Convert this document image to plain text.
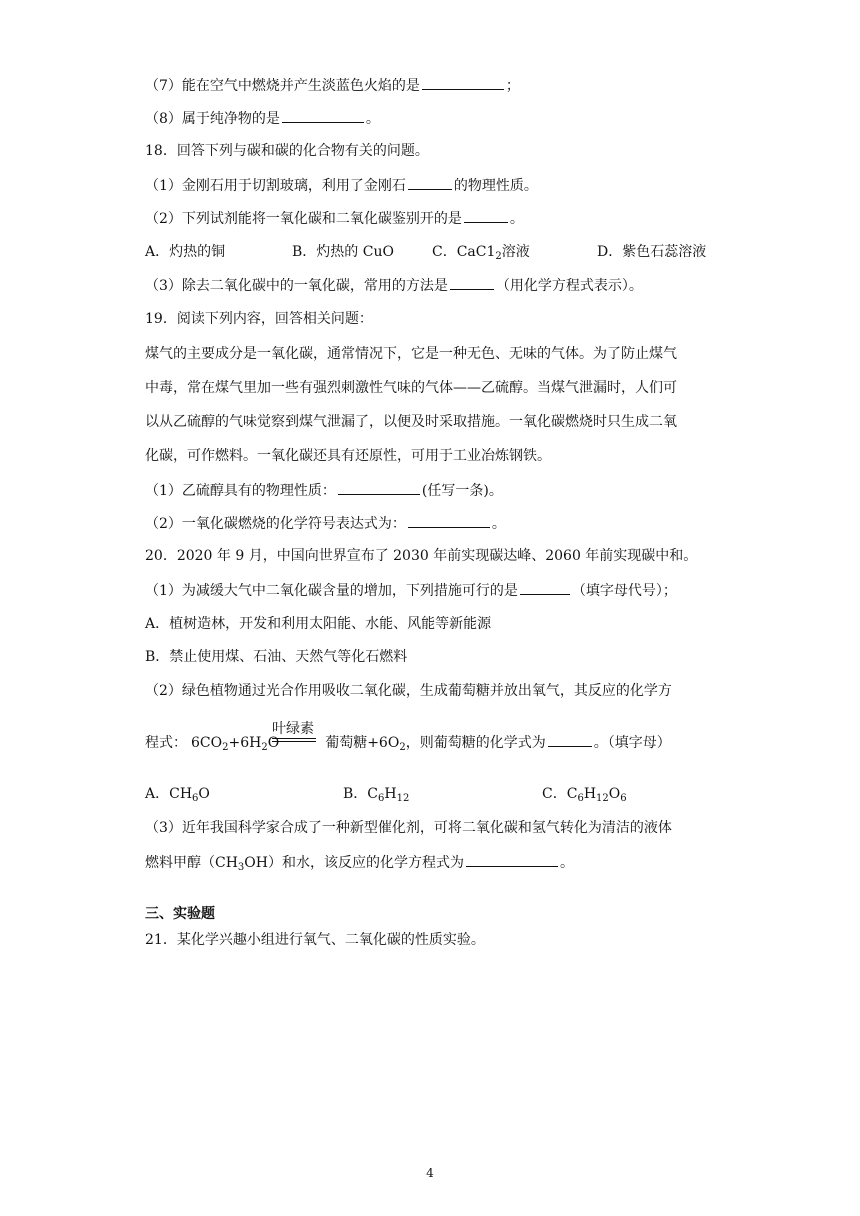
（7）能在空气中燃烧并产生淡蓝色火焰的是	；
（8）属于纯净物的是	。
18．回答下列与碳和碳的化合物有关的问题。
（1）金刚石用于切割玻璃，利用了金刚石	的物理性质。
（2）下列试剂能将一氧化碳和二氧化碳鉴别开的是	。
A．灼热的铜	B．灼热的 CuO	C．$CaC1_2$溶液	D．紫色石蕊溶液
（3）除去二氧化碳中的一氧化碳，常用的方法是	（用化学方程式表示）。
19．阅读下列内容，回答相关问题：
煤气的主要成分是一氧化碳，通常情况下，它是一种无色、无味的气体。为了防止煤气
中毒，常在煤气里加一些有强烈刺激性气味的气体——乙硫醇。当煤气泄漏时，人们可
以从乙硫醇的气味觉察到煤气泄漏了，以便及时采取措施。一氧化碳燃烧时只生成二氧
化碳，可作燃料。一氧化碳还具有还原性，可用于工业冶炼钢铁。
（1）乙硫醇具有的物理性质：	(任写一条)。
（2）一氧化碳燃烧的化学符号表达式为：	。
20．2020 年 9 月，中国向世界宣布了 2030 年前实现碳达峰、2060 年前实现碳中和。
（1）为减缓大气中二氧化碳含量的增加，下列措施可行的是	（填字母代号）；
A．植树造林，开发和利用太阳能、水能、风能等新能源
B．禁止使用煤、石油、天然气等化石燃料
（2）绿色植物通过光合作用吸收二氧化碳，生成葡萄糖并放出氧气，其反应的化学方
叶绿素
程式： $6CO_2+6H_2O$	葡萄糖$+6O_2$，则葡萄糖的化学式为	。（填字母）
A．$CH_6O$	B．$C_6H_{12}$	C．$C_6H_{12}O_6$
（3）近年我国科学家合成了一种新型催化剂，可将二氧化碳和氢气转化为清洁的液体
燃料甲醇$(CH_3OH)$和水，该反应的化学方程式为	。
三、实验题
21．某化学兴趣小组进行氧气、二氧化碳的性质实验。
4
